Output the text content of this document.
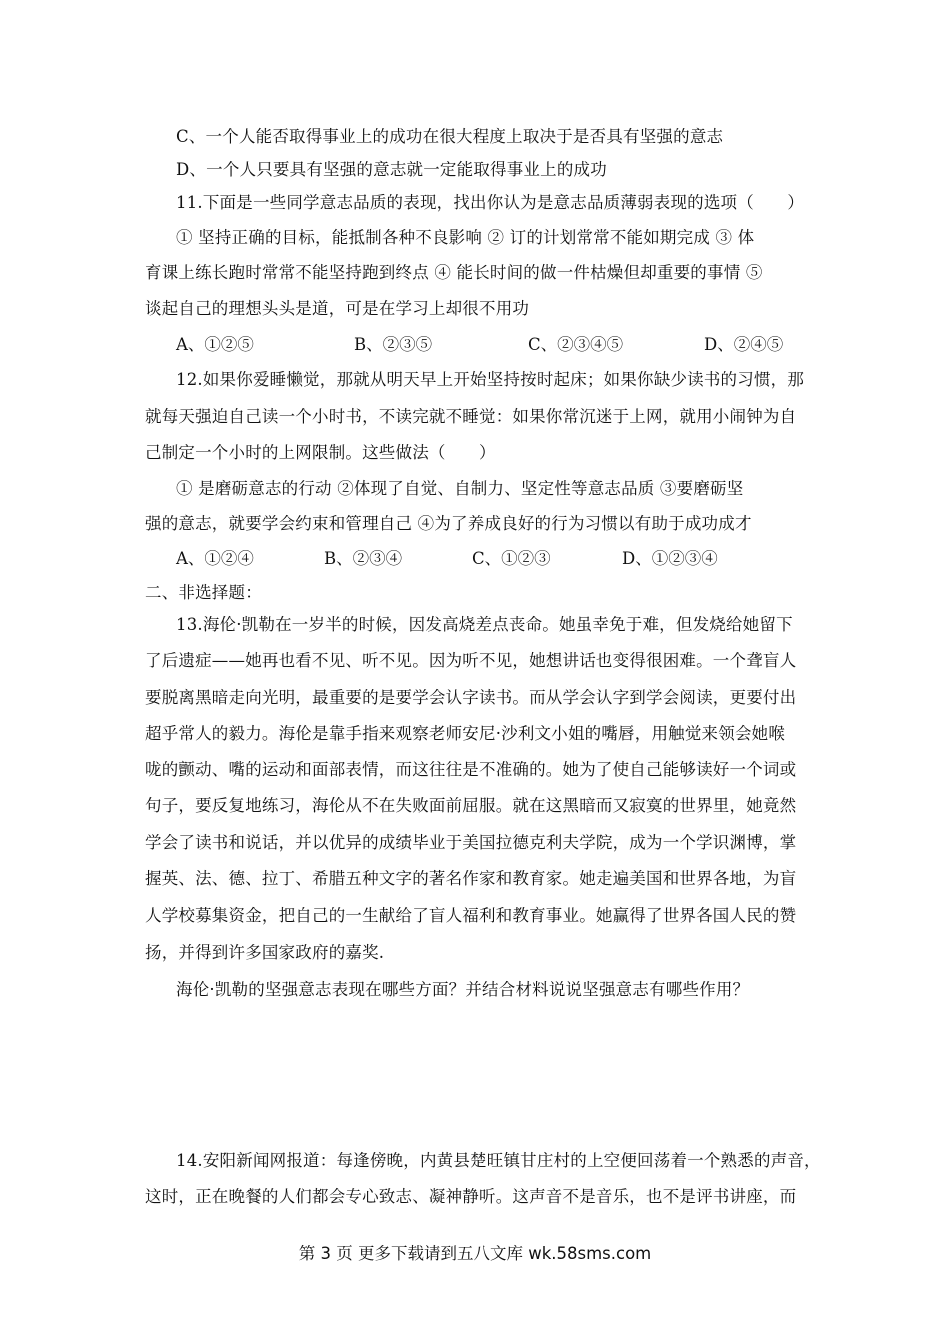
C、一个人能否取得事业上的成功在很大程度上取决于是否具有坚强的意志
D、一个人只要具有坚强的意志就一定能取得事业上的成功
11.下面是一些同学意志品质的表现，找出你认为是意志品质薄弱表现的选项（　　）
① 坚持正确的目标，能抵制各种不良影响 ② 订的计划常常不能如期完成 ③ 体
育课上练长跑时常常不能坚持跑到终点 ④ 能长时间的做一件枯燥但却重要的事情 ⑤
谈起自己的理想头头是道，可是在学习上却很不用功
A、①②⑤	B、②③⑤	C、②③④⑤	D、②④⑤
12.如果你爱睡懒觉，那就从明天早上开始坚持按时起床；如果你缺少读书的习惯，那
就每天强迫自己读一个小时书，不读完就不睡觉：如果你常沉迷于上网，就用小闹钟为自
己制定一个小时的上网限制。这些做法（　　）
① 是磨砺意志的行动 ②体现了自觉、自制力、坚定性等意志品质 ③要磨砺坚
强的意志，就要学会约束和管理自己 ④为了养成良好的行为习惯以有助于成功成才
A、①②④	B、②③④	C、①②③	D、①②③④
二、非选择题：
13.海伦·凯勒在一岁半的时候，因发高烧差点丧命。她虽幸免于难，但发烧给她留下
了后遗症——她再也看不见、听不见。因为听不见，她想讲话也变得很困难。一个聋盲人
要脱离黑暗走向光明，最重要的是要学会认字读书。而从学会认字到学会阅读，更要付出
超乎常人的毅力。海伦是靠手指来观察老师安尼·沙利文小姐的嘴唇，用触觉来领会她喉
咙的颤动、嘴的运动和面部表情，而这往往是不准确的。她为了使自己能够读好一个词或
句子，要反复地练习，海伦从不在失败面前屈服。就在这黑暗而又寂寞的世界里，她竟然
学会了读书和说话，并以优异的成绩毕业于美国拉德克利夫学院，成为一个学识渊博，掌
握英、法、德、拉丁、希腊五种文字的著名作家和教育家。她走遍美国和世界各地，为盲
人学校募集资金，把自己的一生献给了盲人福利和教育事业。她赢得了世界各国人民的赞
扬，并得到许多国家政府的嘉奖.
海伦·凯勒的坚强意志表现在哪些方面？并结合材料说说坚强意志有哪些作用？
14.安阳新闻网报道：每逢傍晚，内黄县楚旺镇甘庄村的上空便回荡着一个熟悉的声音，
这时，正在晚餐的人们都会专心致志、凝神静听。这声音不是音乐，也不是评书讲座，而
第 3 页 更多下载请到五八文库 wk.58sms.com
